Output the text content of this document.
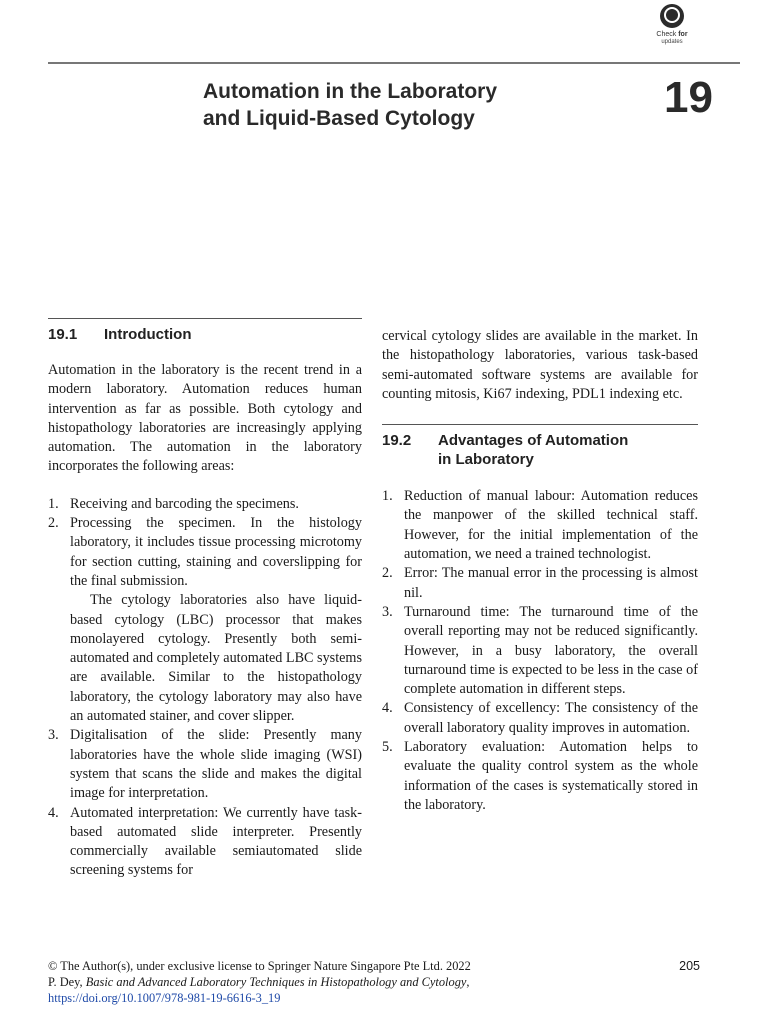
Check for
updates
Automation in the Laboratory
and Liquid-Based Cytology	19
19.1	Introduction

Automation in the laboratory is the recent trend in a modern laboratory. Automation reduces human intervention as far as possible. Both cytology and histopathology laboratories are increasingly applying automation. The automation in the laboratory incorporates the following areas:

1. Receiving and barcoding the specimens.
2. Processing the specimen. In the histology laboratory, it includes tissue processing microtomy for section cutting, staining and coverslipping for the final submission.

The cytology laboratories also have liquid-based cytology (LBC) processor that makes monolayered cytology. Presently both semi-automated and completely automated LBC systems are available. Similar to the histopathology laboratory, the cytology laboratory may also have an automated stainer, and cover slipper.

3. Digitalisation of the slide: Presently many laboratories have the whole slide imaging (WSI) system that scans the slide and makes the digital image for interpretation.
4. Automated interpretation: We currently have task-based automated slide interpreter. Presently commercially available semiautomated slide screening systems for

cervical cytology slides are available in the market. In the histopathology laboratories, various task-based semi-automated software systems are available for counting mitosis, Ki67 indexing, PDL1 indexing etc.

19.2	Advantages of Automation
in Laboratory
1. Reduction of manual labour: Automation reduces the manpower of the skilled technical staff. However, for the initial implementation of the automation, we need a trained technologist.
2. Error: The manual error in the processing is almost nil.
3. Turnaround time: The turnaround time of the overall reporting may not be reduced significantly. However, in a busy laboratory, the overall turnaround time is expected to be less in the case of complete automation in different steps.
4. Consistency of excellency: The consistency of the overall laboratory quality improves in automation.
5. Laboratory evaluation: Automation helps to evaluate the quality control system as the whole information of the cases is systematically stored in the laboratory.
© The Author(s), under exclusive license to Springer Nature Singapore Pte Ltd. 2022
P. Dey, Basic and Advanced Laboratory Techniques in Histopathology and Cytology,
https://doi.org/10.1007/978-981-19-6616-3_19
205
